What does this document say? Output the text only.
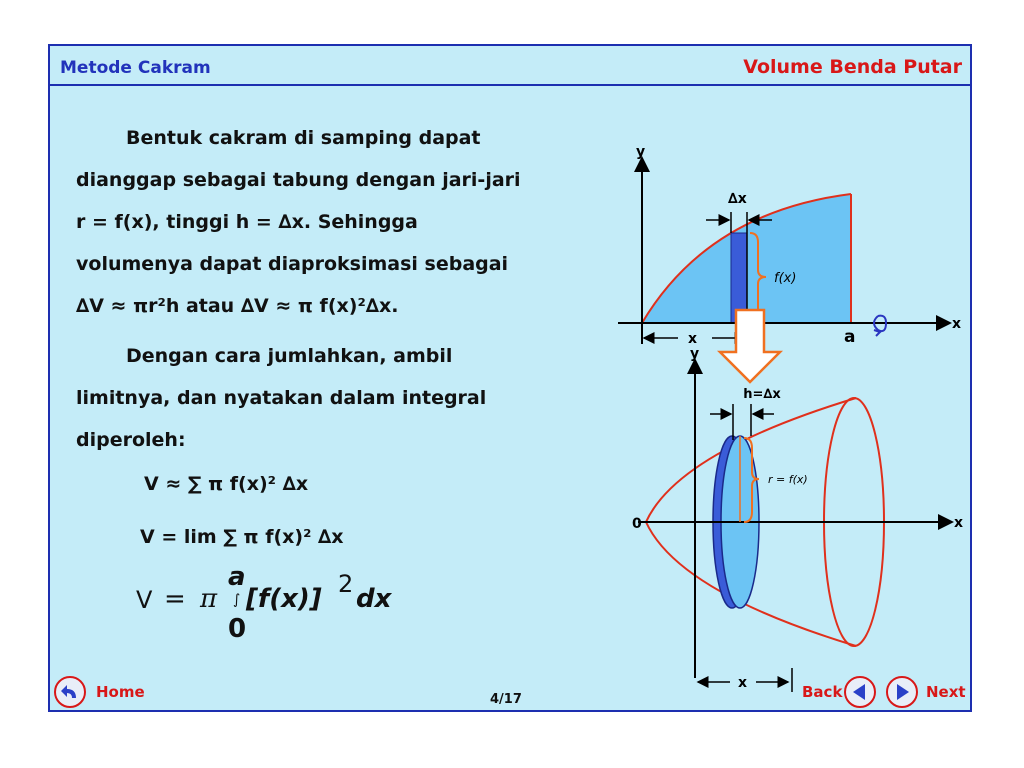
Metode Cakram	Volume Benda Putar
Bentuk cakram di samping dapat
dianggap sebagai tabung dengan jari-jari
r = f(x), tinggi h = ∆x. Sehingga
volumenya dapat diaproksimasi sebagai
∆V ≈ πr²h atau ∆V ≈ π f(x)²∆x.
Dengan cara jumlahkan, ambil
limitnya, dan nyatakan dalam integral
diperoleh:
V ≈ ∑ π f(x)² ∆x
V = lim ∑ π f(x)² ∆x
V = π
a
∫
0
[f(x)] 2 dx
y
x
∆x
f(x)
x	a
y
x
0
h=∆x
r = f(x)
x
Home	4/17	Back	Next
